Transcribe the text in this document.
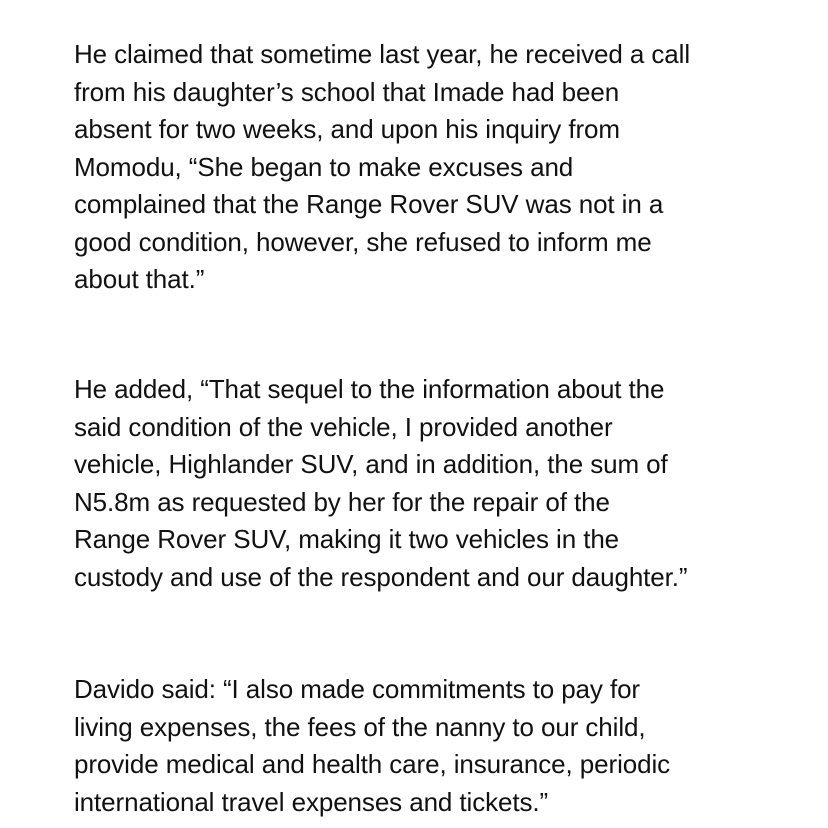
He claimed that sometime last year, he received a call
from his daughter’s school that Imade had been
absent for two weeks, and upon his inquiry from
Momodu, “She began to make excuses and
complained that the Range Rover SUV was not in a
good condition, however, she refused to inform me
about that.”

He added, “That sequel to the information about the
said condition of the vehicle, I provided another
vehicle, Highlander SUV, and in addition, the sum of
N5.8m as requested by her for the repair of the
Range Rover SUV, making it two vehicles in the
custody and use of the respondent and our daughter.”

Davido said: “I also made commitments to pay for
living expenses, the fees of the nanny to our child,
provide medical and health care, insurance, periodic
international travel expenses and tickets.”
